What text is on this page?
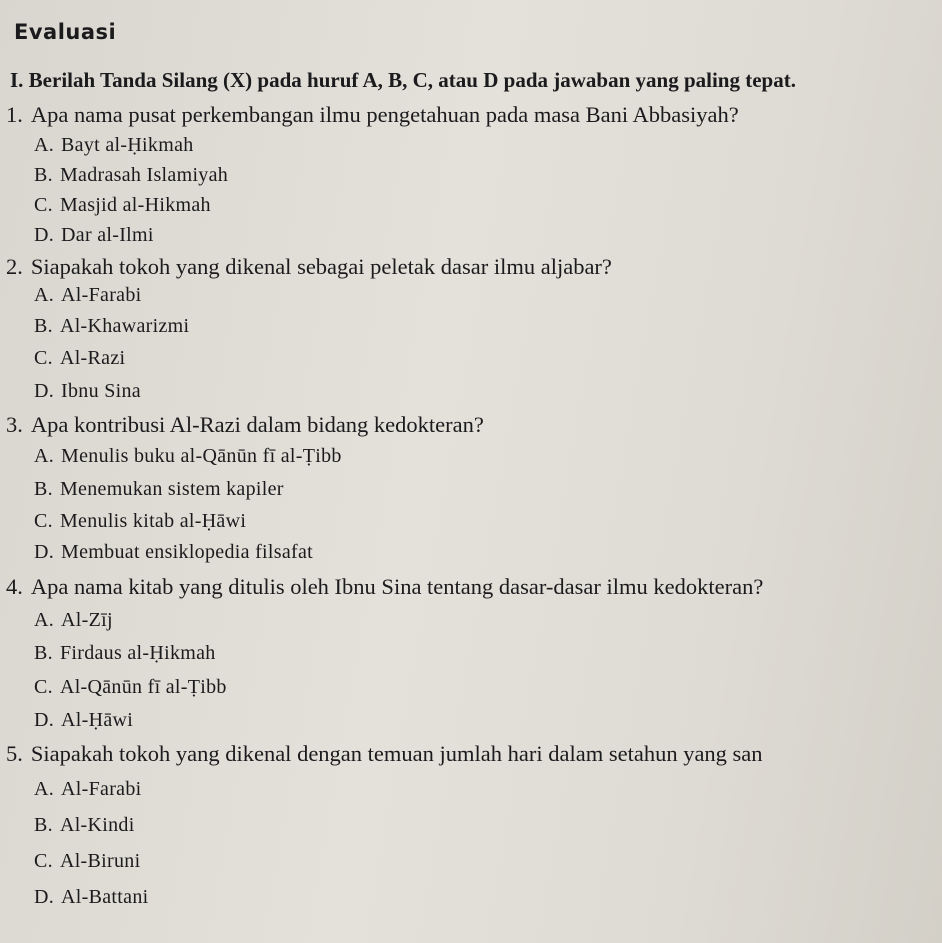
Evaluasi
I. Berilah Tanda Silang (X) pada huruf A, B, C, atau D pada jawaban yang paling tepat.
1. Apa nama pusat perkembangan ilmu pengetahuan pada masa Bani Abbasiyah?
A. Bayt al-Ḥikmah
B. Madrasah Islamiyah
C. Masjid al-Hikmah
D. Dar al-Ilmi
2. Siapakah tokoh yang dikenal sebagai peletak dasar ilmu aljabar?
A. Al-Farabi
B. Al-Khawarizmi
C. Al-Razi
D. Ibnu Sina
3. Apa kontribusi Al-Razi dalam bidang kedokteran?
A. Menulis buku al-Qānūn fī al-Ṭibb
B. Menemukan sistem kapiler
C. Menulis kitab al-Ḥāwi
D. Membuat ensiklopedia filsafat
4. Apa nama kitab yang ditulis oleh Ibnu Sina tentang dasar-dasar ilmu kedokteran?
A. Al-Zīj
B. Firdaus al-Ḥikmah
C. Al-Qānūn fī al-Ṭibb
D. Al-Ḥāwi
5. Siapakah tokoh yang dikenal dengan temuan jumlah hari dalam setahun yang san
A. Al-Farabi
B. Al-Kindi
C. Al-Biruni
D. Al-Battani
